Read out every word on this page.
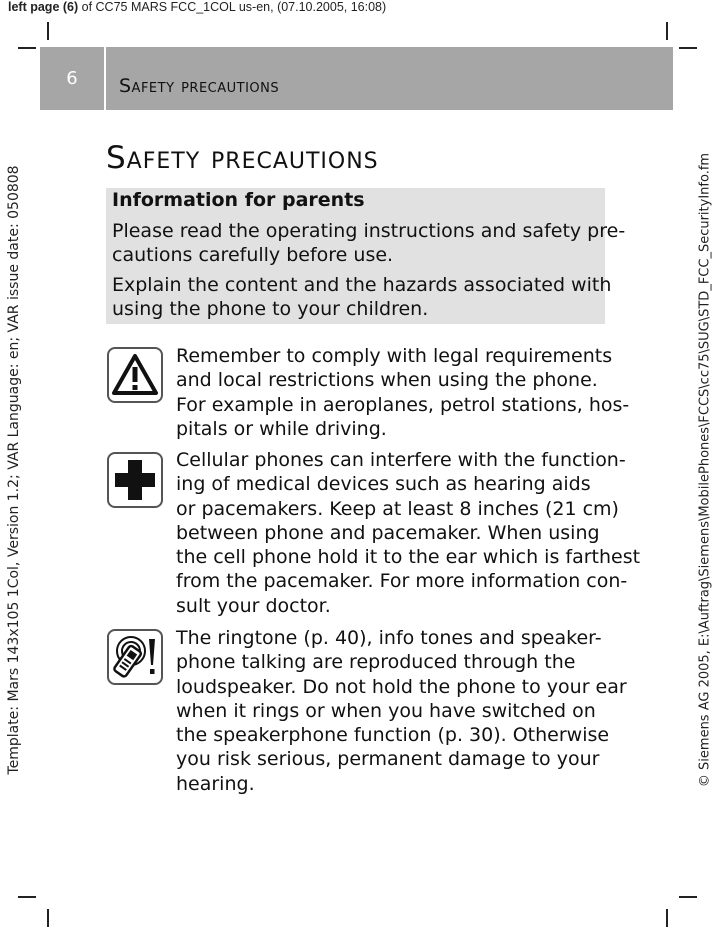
left page (6) of CC75 MARS FCC_1COL us-en, (07.10.2005, 16:08)
Template: Mars 143x105 1Col, Version 1.2; VAR Language: en; VAR issue date: 050808	© Siemens AG 2005, E:\Auftrag\Siemens\MobilePhones\FCCS\cc75\SUG\STD_FCC_SecurityInfo.fm
6	Safety precautions
Safety precautions
Information for parents
Please read the operating instructions and safety pre-
cautions carefully before use.
Explain the content and the hazards associated with
using the phone to your children.
Remember to comply with legal requirements
and local restrictions when using the phone.
For example in aeroplanes, petrol stations, hos-
pitals or while driving.
Cellular phones can interfere with the function-
ing of medical devices such as hearing aids
or pacemakers. Keep at least 8 inches (21 cm)
between phone and pacemaker. When using
the cell phone hold it to the ear which is farthest
from the pacemaker. For more information con-
sult your doctor.
The ringtone (p. 40), info tones and speaker-
phone talking are reproduced through the
loudspeaker. Do not hold the phone to your ear
when it rings or when you have switched on
the speakerphone function (p. 30). Otherwise
you risk serious, permanent damage to your
hearing.
